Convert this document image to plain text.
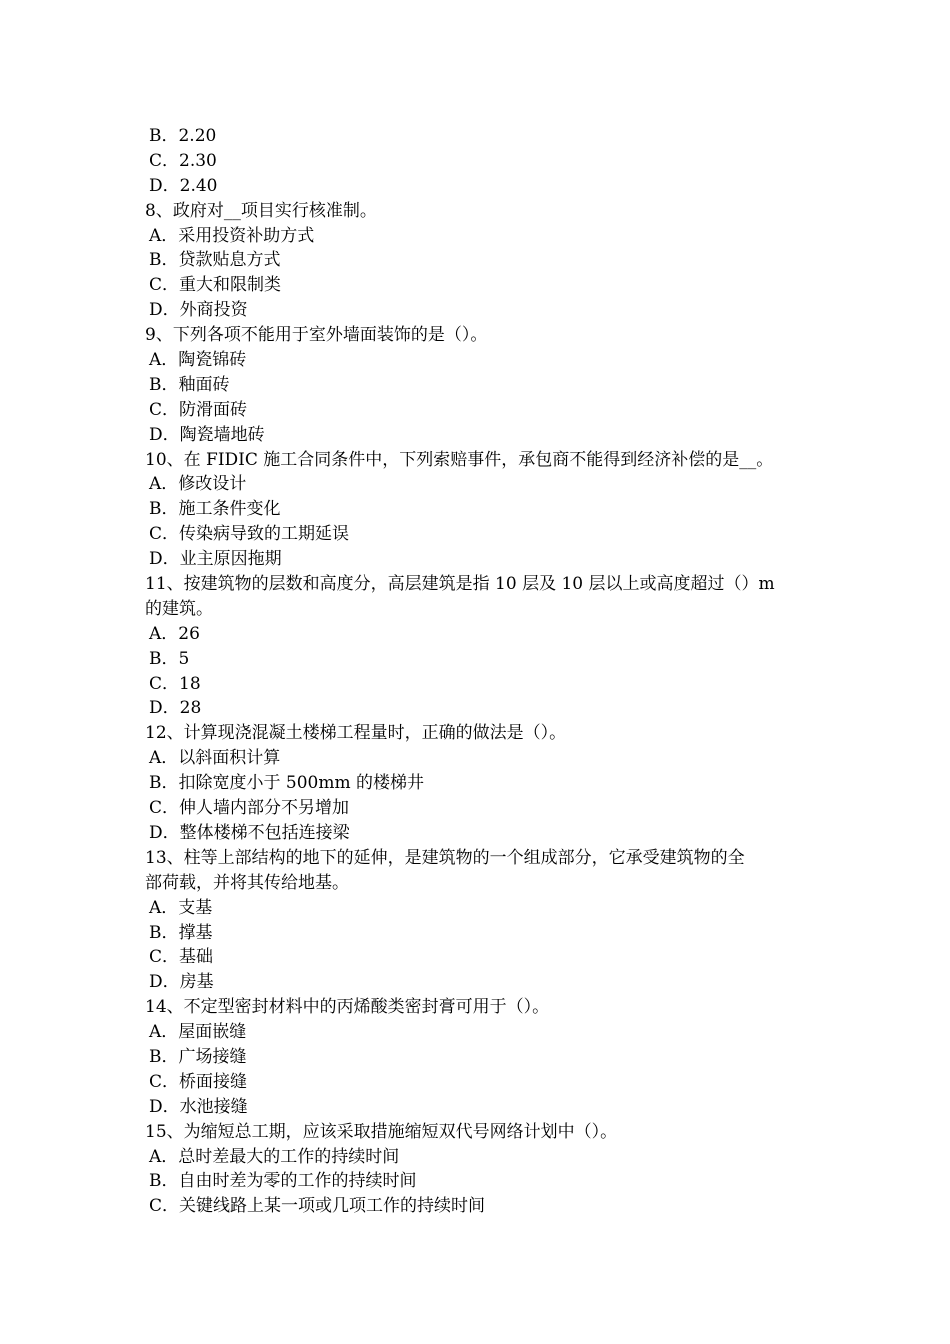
B．2.20
C．2.30
D．2.40
8、政府对__项目实行核准制。
A．采用投资补助方式
B．贷款贴息方式
C．重大和限制类
D．外商投资
9、下列各项不能用于室外墙面装饰的是（）。
A．陶瓷锦砖
B．釉面砖
C．防滑面砖
D．陶瓷墙地砖
10、在 FIDIC 施工合同条件中，下列索赔事件，承包商不能得到经济补偿的是__。
A．修改设计
B．施工条件变化
C．传染病导致的工期延误
D．业主原因拖期
11、按建筑物的层数和高度分，高层建筑是指 10 层及 10 层以上或高度超过（）m
的建筑。
A．26
B．5
C．18
D．28
12、计算现浇混凝土楼梯工程量时，正确的做法是（）。
A．以斜面积计算
B．扣除宽度小于 500mm 的楼梯井
C．伸人墙内部分不另增加
D．整体楼梯不包括连接梁
13、柱等上部结构的地下的延伸，是建筑物的一个组成部分，它承受建筑物的全
部荷载，并将其传给地基。
A．支基
B．撑基
C．基础
D．房基
14、不定型密封材料中的丙烯酸类密封膏可用于（）。
A．屋面嵌缝
B．广场接缝
C．桥面接缝
D．水池接缝
15、为缩短总工期，应该采取措施缩短双代号网络计划中（）。
A．总时差最大的工作的持续时间
B．自由时差为零的工作的持续时间
C．关键线路上某一项或几项工作的持续时间
